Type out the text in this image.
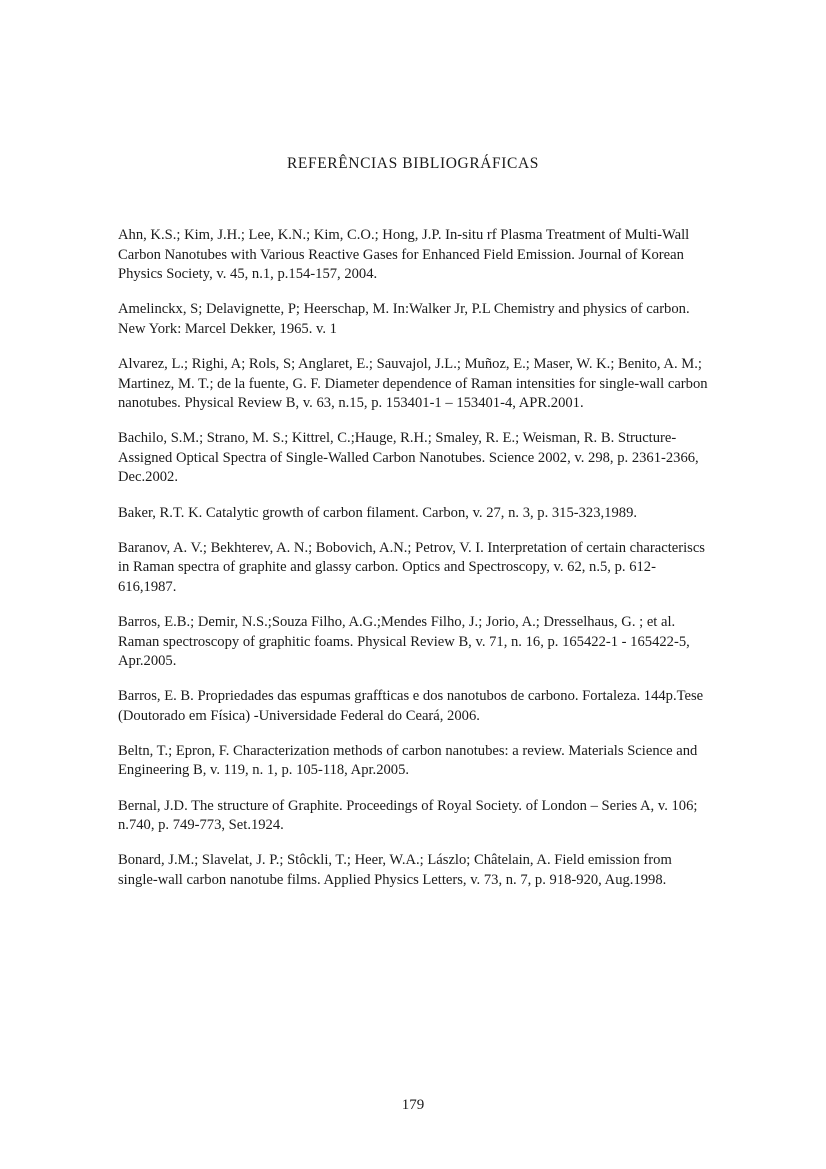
REFERÊNCIAS BIBLIOGRÁFICAS
Ahn, K.S.; Kim, J.H.; Lee, K.N.; Kim, C.O.; Hong, J.P. In-situ rf Plasma Treatment of Multi-Wall Carbon Nanotubes with Various Reactive Gases for Enhanced Field Emission. Journal of Korean Physics Society, v. 45, n.1, p.154-157, 2004.
Amelinckx, S; Delavignette, P; Heerschap, M. In:Walker Jr, P.L Chemistry and physics of carbon. New York: Marcel Dekker, 1965. v. 1
Alvarez, L.; Righi, A; Rols, S; Anglaret, E.; Sauvajol, J.L.; Muñoz, E.; Maser, W. K.; Benito, A. M.; Martinez, M. T.; de la fuente, G. F. Diameter dependence of Raman intensities for single-wall carbon nanotubes. Physical Review B, v. 63, n.15, p. 153401-1 – 153401-4, APR.2001.
Bachilo, S.M.; Strano, M. S.; Kittrel, C.;Hauge, R.H.; Smaley, R. E.; Weisman, R. B. Structure-Assigned Optical Spectra of Single-Walled Carbon Nanotubes. Science 2002, v. 298, p. 2361-2366, Dec.2002.
Baker, R.T. K. Catalytic growth of carbon filament. Carbon, v. 27, n. 3, p. 315-323,1989.
Baranov, A. V.; Bekhterev, A. N.; Bobovich, A.N.; Petrov, V. I. Interpretation of certain characteriscs in Raman spectra of graphite and glassy carbon. Optics and Spectroscopy, v. 62, n.5, p. 612-616,1987.
Barros, E.B.; Demir, N.S.;Souza Filho, A.G.;Mendes Filho, J.; Jorio, A.; Dresselhaus, G. ; et al. Raman spectroscopy of graphitic foams. Physical Review B, v. 71, n. 16, p. 165422-1 - 165422-5, Apr.2005.
Barros, E. B. Propriedades das espumas graffticas e dos nanotubos de carbono. Fortaleza. 144p.Tese (Doutorado em Física) -Universidade Federal do Ceará, 2006.
Beltn, T.; Epron, F. Characterization methods of carbon nanotubes: a review. Materials Science and Engineering B, v. 119, n. 1, p. 105-118, Apr.2005.
Bernal, J.D. The structure of Graphite. Proceedings of Royal Society. of London – Series A, v. 106; n.740, p. 749-773, Set.1924.
Bonard, J.M.; Slavelat, J. P.; Stôckli, T.; Heer, W.A.; Lászlo; Châtelain, A. Field emission from single-wall carbon nanotube films. Applied Physics Letters, v. 73, n. 7, p. 918-920, Aug.1998.
179
